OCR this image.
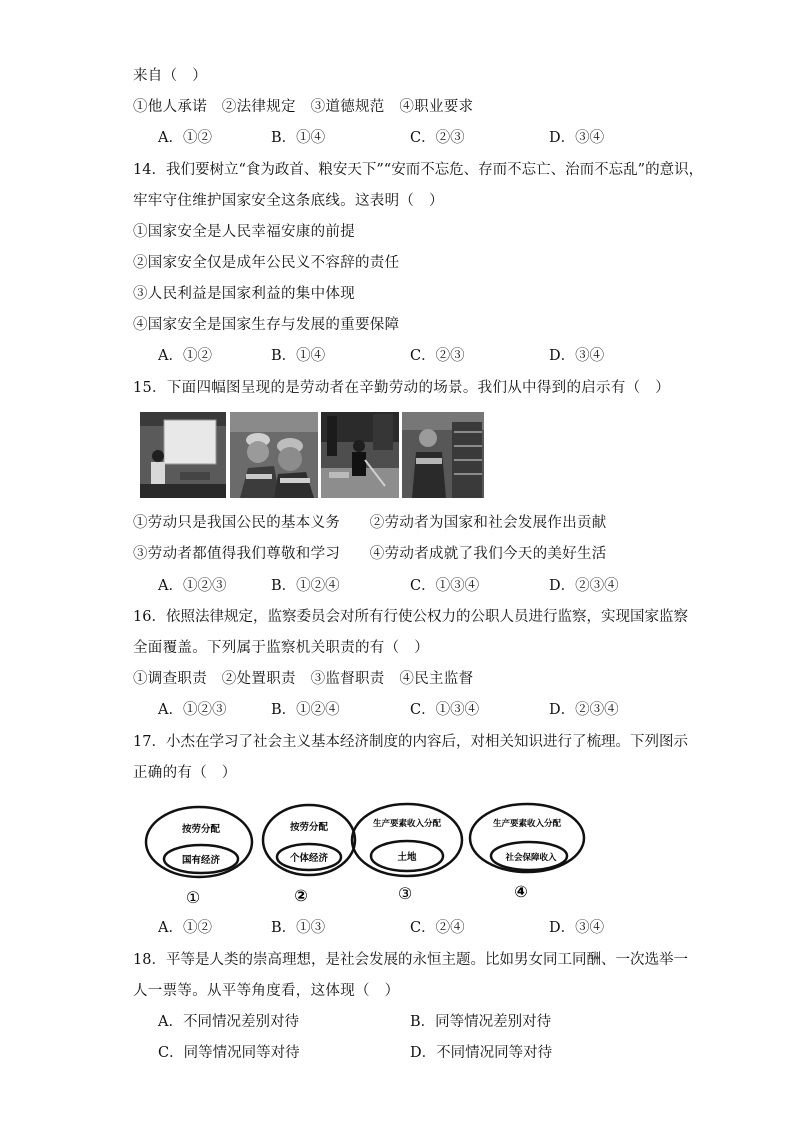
来自（　）
①他人承诺　②法律规定　③道德规范　④职业要求
A．①②	B．①④	C．②③	D．③④
14．我们要树立“食为政首、粮安天下”“安而不忘危、存而不忘亡、治而不忘乱”的意识，
牢牢守住维护国家安全这条底线。这表明（　）
①国家安全是人民幸福安康的前提
②国家安全仅是成年公民义不容辞的责任
③人民利益是国家利益的集中体现
④国家安全是国家生存与发展的重要保障
A．①②	B．①④	C．②③	D．③④
15．下面四幅图呈现的是劳动者在辛勤劳动的场景。我们从中得到的启示有（　）
①劳动只是我国公民的基本义务　　②劳动者为国家和社会发展作出贡献
③劳动者都值得我们尊敬和学习　　④劳动者成就了我们今天的美好生活
A．①②③	B．①②④	C．①③④	D．②③④
16．依照法律规定，监察委员会对所有行使公权力的公职人员进行监察，实现国家监察
全面覆盖。下列属于监察机关职责的有（　）
①调查职责　②处置职责　③监督职责　④民主监督
A．①②③	B．①②④	C．①③④	D．②③④
17．小杰在学习了社会主义基本经济制度的内容后，对相关知识进行了梳理。下列图示
正确的有（　）
按劳分配
国有经济
①
按劳分配
个体经济
②
生产要素收入分配
土地
③
生产要素收入分配
社会保障收入
④
A．①②	B．①③	C．②④	D．③④
18．平等是人类的崇高理想，是社会发展的永恒主题。比如男女同工同酬、一次选举一
人一票等。从平等角度看，这体现（　）
A．不同情况差别对待	B．同等情况差别对待
C．同等情况同等对待	D．不同情况同等对待
